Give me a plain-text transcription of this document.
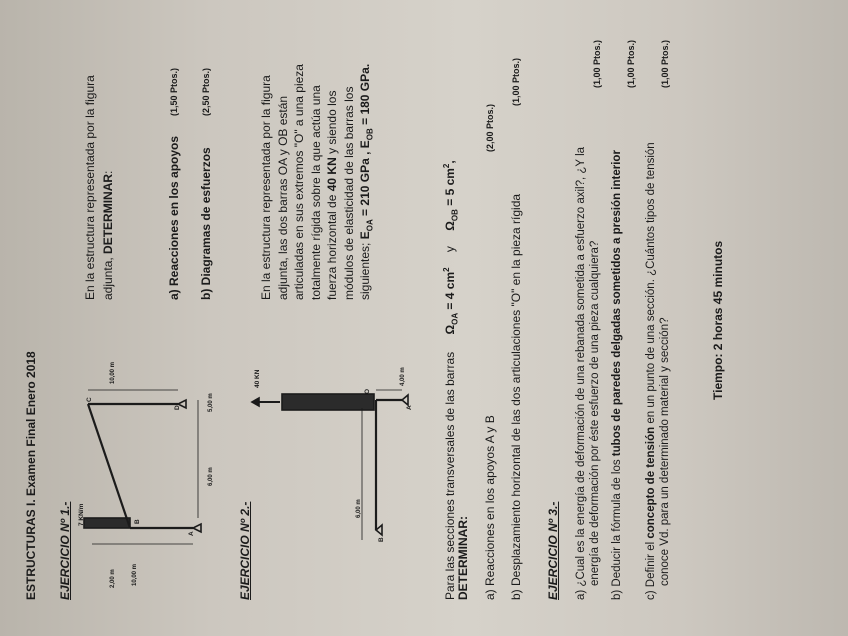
ESTRUCTURAS I. Examen Final Enero 2018 EJERCICIO Nº 1.- 7 KN/m
2,00 m	10,00 m
10,00 m
6,00 m
5,00 m
B
C
D
A
En la estructura representada por la figura adjunta, DETERMINAR:	a) Reacciones en los apoyos
(1,50 Ptos.)
b) Diagramas de esfuerzos
(2,50 Ptos.)
EJERCICIO Nº 2.-
40 KN
6,00 m
4,00 m
O
A
B
En la estructura representada por la figura adjunta, las dos barras OA y OB están articuladas en sus extremos "O" a una pieza totalmente rígida sobre la que actúa una fuerza horizontal de 40 KN y siendo los módulos de elasticidad de las barras los siguientes; $E_{OA} = 210$ GPa , $E_{OB} = 180$ GPa.
Para las secciones transversales de las barras $\Omega_{OA} = 4$ $cm^2$ y $\Omega_{OB} = 5$ $cm^2$,
DETERMINAR: a) Reacciones en los apoyos A y B
(2,00 Ptos.)
b) Desplazamiento horizontal de las dos articulaciones "O" en la pieza rígida
(1,00 Ptos.)
EJERCICIO Nº 3.- a) ¿Cual es la energía de deformación de una rebanada sometida a esfuerzo axil?, ¿Y la energía de deformación por éste esfuerzo de una pieza cualquiera?
(1,00 Ptos.)
b) Deducir la fórmula de los tubos de paredes delgadas sometidos a presión interior
(1,00 Ptos.)
c) Definir el concepto de tensión en un punto de una sección. ¿Cuántos tipos de tensión
conoce Vd. para un determinado material y sección?
(1,00 Ptos.)
Tiempo: 2 horas 45 minutos
